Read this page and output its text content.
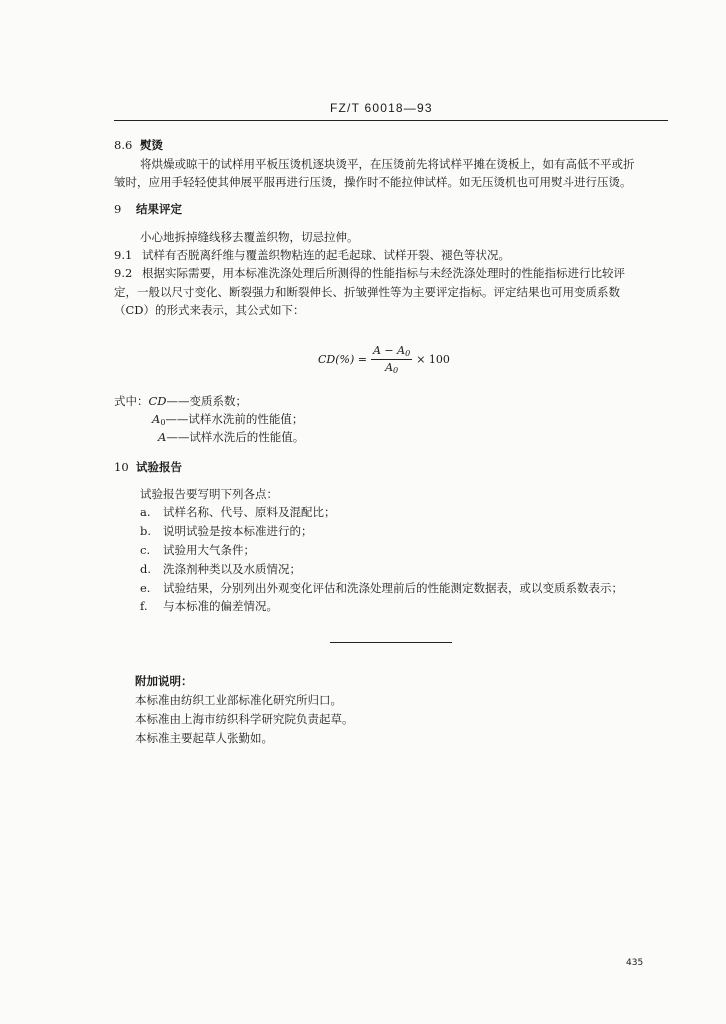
FZ/T 60018—93
8.6 熨烫
将烘燥或晾干的试样用平板压烫机逐块烫平，在压烫前先将试样平摊在烫板上，如有高低不平或折
皱时，应用手轻轻使其伸展平服再进行压烫，操作时不能拉伸试样。如无压烫机也可用熨斗进行压烫。
9 结果评定
小心地拆掉缝线移去覆盖织物，切忌拉伸。
9.1 试样有否脱离纤维与覆盖织物粘连的起毛起球、试样开裂、褪色等状况。
9.2 根据实际需要，用本标准洗涤处理后所测得的性能指标与未经洗涤处理时的性能指标进行比较评
定，一般以尺寸变化、断裂强力和断裂伸长、折皱弹性等为主要评定指标。评定结果也可用变质系数
（CD）的形式来表示，其公式如下：
$CD(\%) = \frac{A - A_0}{A_0} \times 100$
式中：CD——变质系数；
$A_0——$试样水洗前的性能值；
A——试样水洗后的性能值。
10 试验报告
试验报告要写明下列各点：
a. 试样名称、代号、原料及混配比；
b. 说明试验是按本标准进行的；
c. 试验用大气条件；
d. 洗涤剂种类以及水质情况；
e. 试验结果，分别列出外观变化评估和洗涤处理前后的性能测定数据表，或以变质系数表示；
f. 与本标准的偏差情况。
附加说明：
本标准由纺织工业部标准化研究所归口。
本标准由上海市纺织科学研究院负责起草。
本标准主要起草人张勤如。
435
